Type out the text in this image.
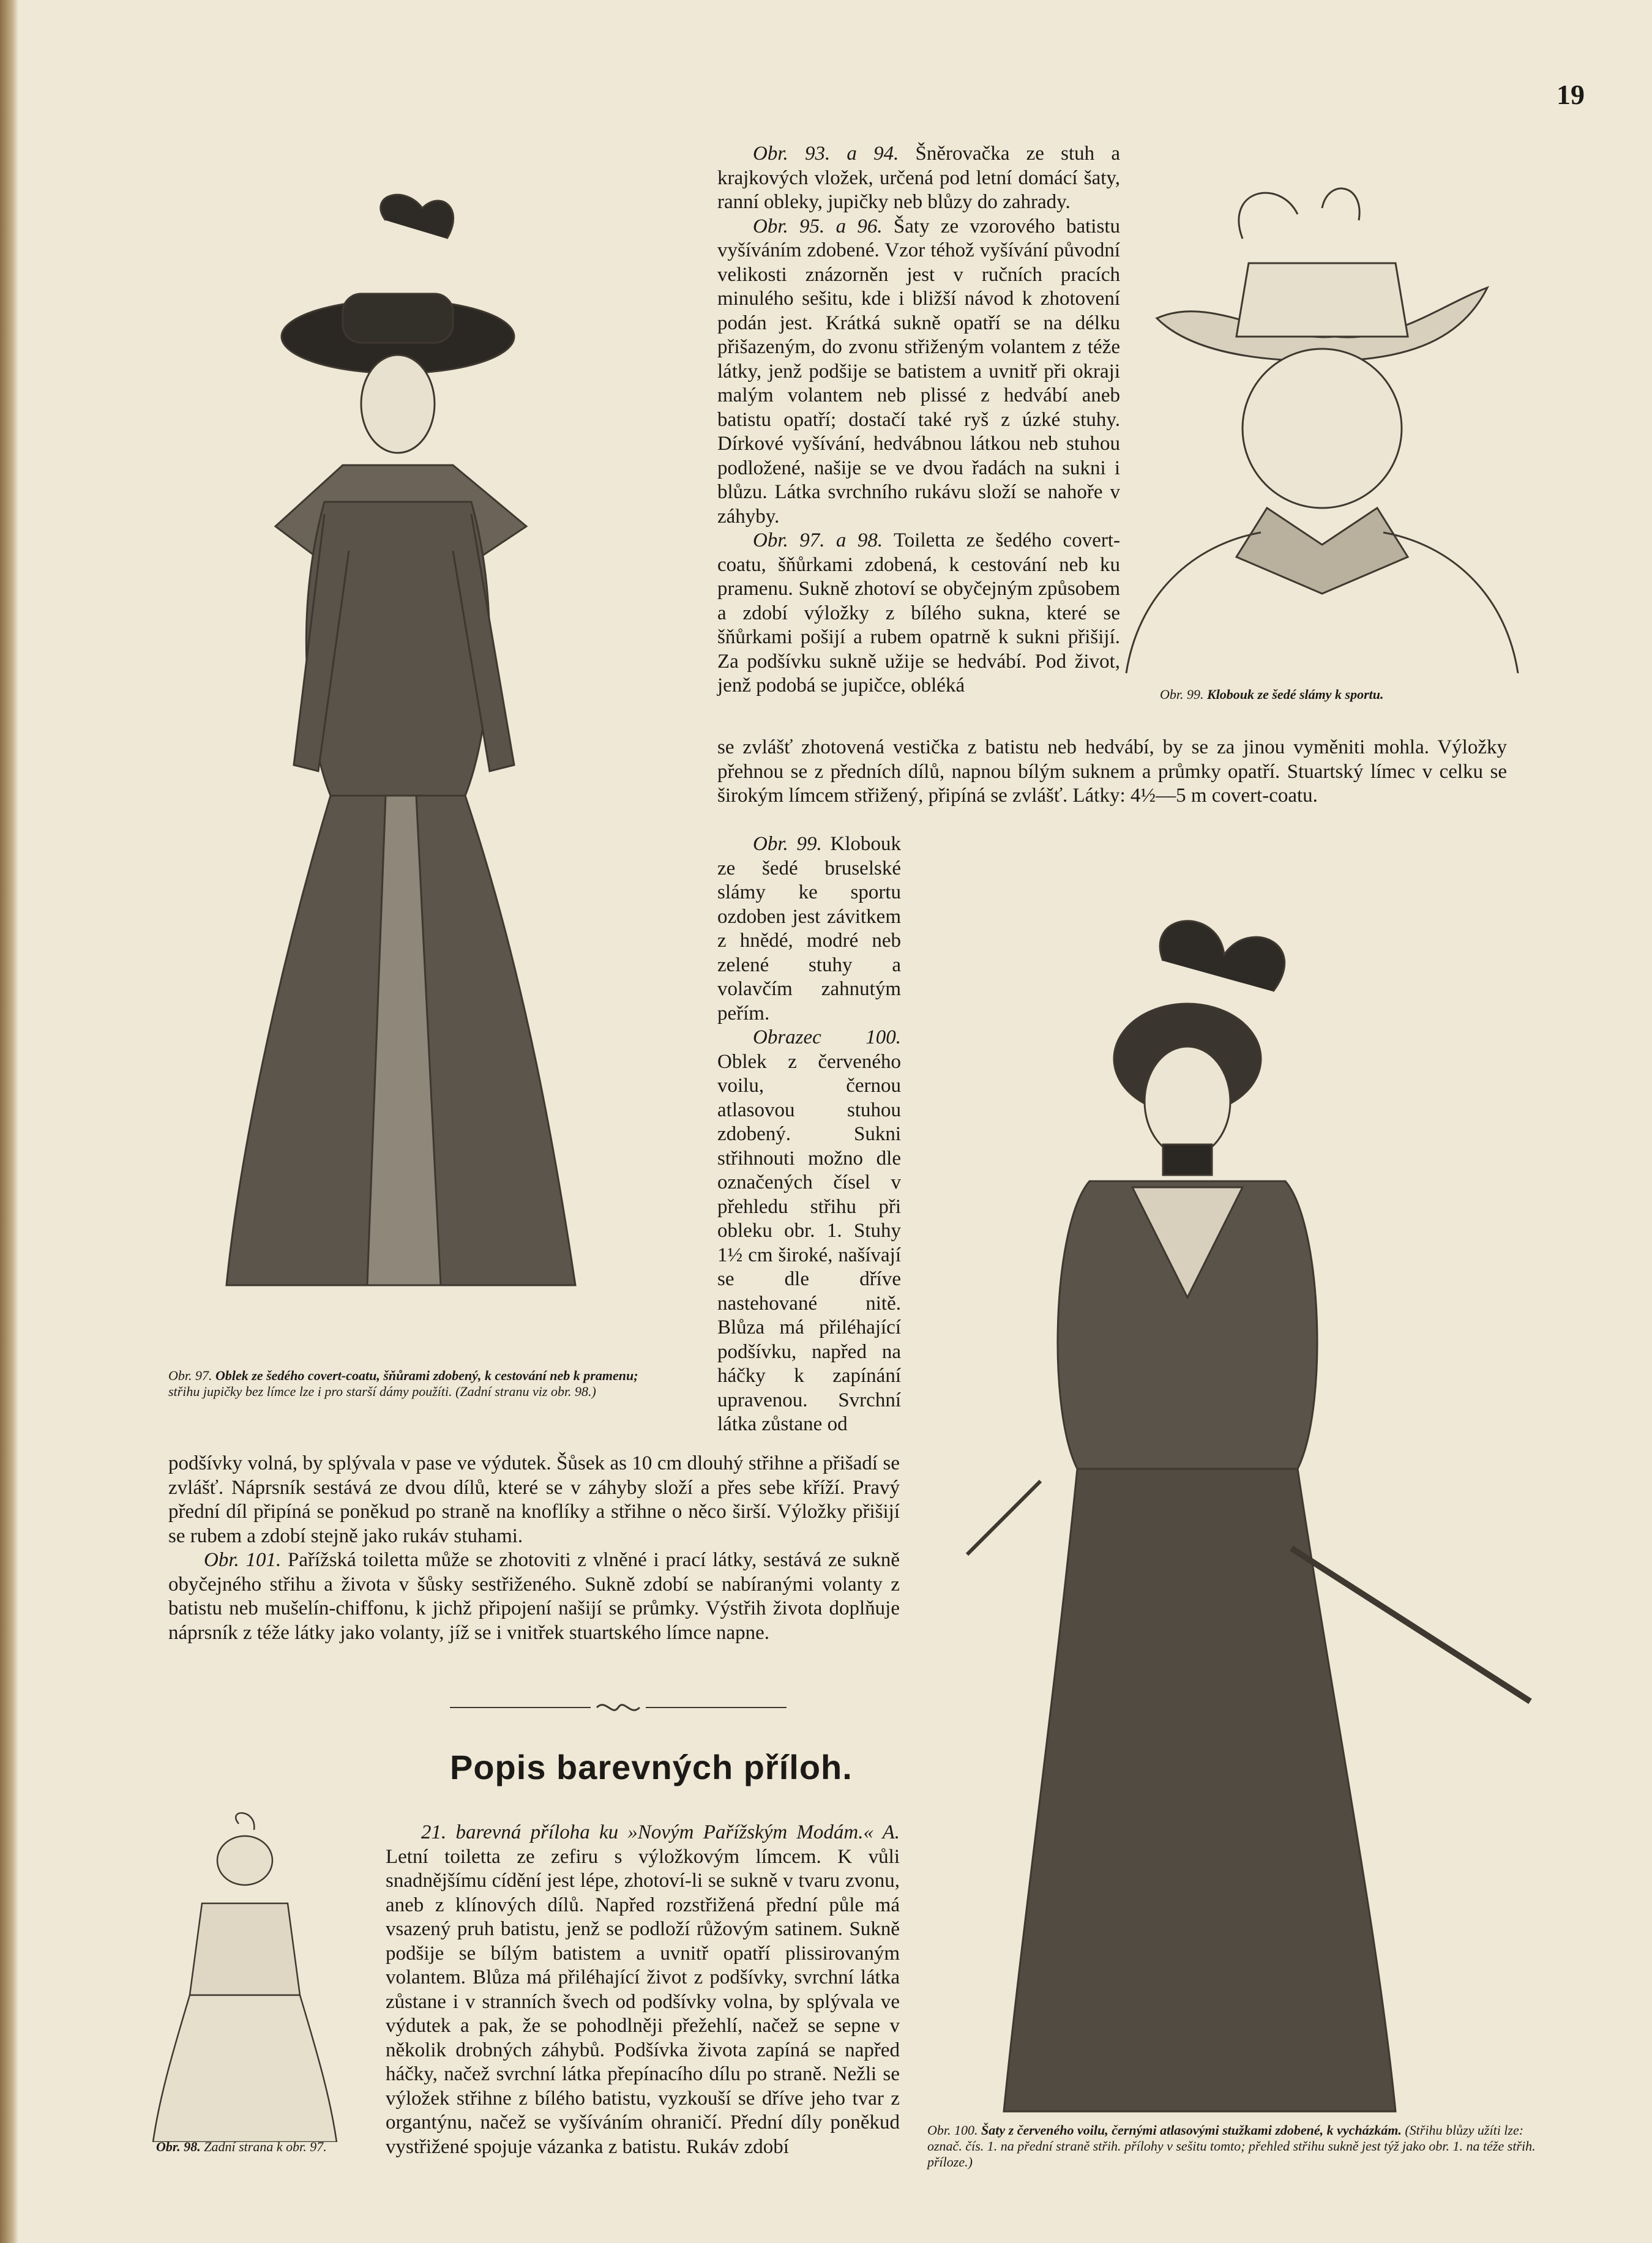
19

Obr. 93. a 94. Šněrovačka ze stuh a krajkových vložek, určená pod letní domácí šaty, ranní obleky, jupičky neb blůzy do zahrady.

Obr. 95. a 96. Šaty ze vzorového batistu vyšíváním zdobené. Vzor téhož vyšívání původní velikosti znázorněn jest v ručních pracích minulého sešitu, kde i bližší návod k zhotovení podán jest. Krátká sukně opatří se na délku přišazeným, do zvonu střiženým volantem z téže látky, jenž podšije se batistem a uvnitř při okraji malým volantem neb plissé z hedvábí aneb batistu opatří; dostačí také ryš z úzké stuhy. Dírkové vyšívání, hedvábnou látkou neb stuhou podložené, našije se ve dvou řadách na sukni i blůzu. Látka svrchního rukávu složí se nahoře v záhyby.

Obr. 97. a 98. Toiletta ze šedého covert-coatu, šňůrkami zdobená, k cestování neb ku pramenu. Sukně zhotoví se obyčejným způsobem a zdobí výložky z bílého sukna, které se šňůrkami pošijí a rubem opatrně k sukni přišijí. Za podšívku sukně užije se hedvábí. Pod život, jenž podobá se jupičce, obléká

se zvlášť zhotovená vestička z batistu neb hedvábí, by se za jinou vyměniti mohla. Výložky přehnou se z předních dílů, napnou bílým suknem a průmky opatří. Stuartský límec v celku se širokým límcem střižený, připíná se zvlášť. Látky: 4½—5 m covert-coatu.

Obr. 99. Klobouk ze šedé bruselské slámy ke sportu ozdoben jest závitkem z hnědé, modré neb zelené stuhy a volavčím zahnutým peřím.

Obrazec 100. Oblek z červeného voilu, černou atlasovou stuhou zdobený. Sukni střihnouti možno dle označených čísel v přehledu střihu při obleku obr. 1. Stuhy 1½ cm široké, našívají se dle dříve nastehované nitě. Blůza má přiléhající podšívku, napřed na háčky k zapínání upravenou. Svrchní látka zůstane od

podšívky volná, by splývala v pase ve výdutek. Šůsek as 10 cm dlouhý střihne a přišadí se zvlášť. Náprsník sestává ze dvou dílů, které se v záhyby složí a přes sebe kříží. Pravý přední díl připíná se poněkud po straně na knoflíky a střihne o něco širší. Výložky přišijí se rubem a zdobí stejně jako rukáv stuhami.

Obr. 101. Pařížská toiletta může se zhotoviti z vlněné i prací látky, sestává ze sukně obyčejného střihu a života v šůsky sestřiženého. Sukně zdobí se nabíranými volanty z batistu neb mušelín-chiffonu, k jichž připojení našijí se průmky. Výstřih života doplňuje náprsník z téže látky jako volanty, jíž se i vnitřek stuartského límce napne.

Popis barevných příloh.

21. barevná příloha ku »Novým Pařížským Modám.« A. Letní toiletta ze zefiru s výložkovým límcem. K vůli snadnějšímu cídění jest lépe, zhotoví-li se sukně v tvaru zvonu, aneb z klínových dílů. Napřed rozstřižená přední půle má vsazený pruh batistu, jenž se podloží růžovým satinem. Sukně podšije se bílým batistem a uvnitř opatří plissirovaným volantem. Blůza má přiléhající život z podšívky, svrchní látka zůstane i v stranních švech od podšívky volna, by splývala ve výdutek a pak, že se pohodlněji přežehlí, načež se sepne v několik drobných záhybů. Podšívka života zapíná se napřed háčky, načež svrchní látka přepínacího dílu po straně. Nežli se výložek střihne z bílého batistu, vyzkouší se dříve jeho tvar z organtýnu, načež se vyšíváním ohraničí. Přední díly poněkud vystřižené spojuje vázanka z batistu. Rukáv zdobí

Obr. 97. Oblek ze šedého covert-coatu, šňůrami zdobený, k cestování neb k pramenu; střihu jupičky bez límce lze i pro starší dámy použíti. (Zadní stranu viz obr. 98.)

Obr. 99. Klobouk ze šedé slámy k sportu.

Obr. 100. Šaty z červeného voilu, černými atlasovými stužkami zdobené, k vycházkám. (Střihu blůzy užíti lze: označ. čís. 1. na přední straně střih. přílohy v sešitu tomto; přehled střihu sukně jest týž jako obr. 1. na téže střih. příloze.)

Obr. 98. Zadní strana k obr. 97.
